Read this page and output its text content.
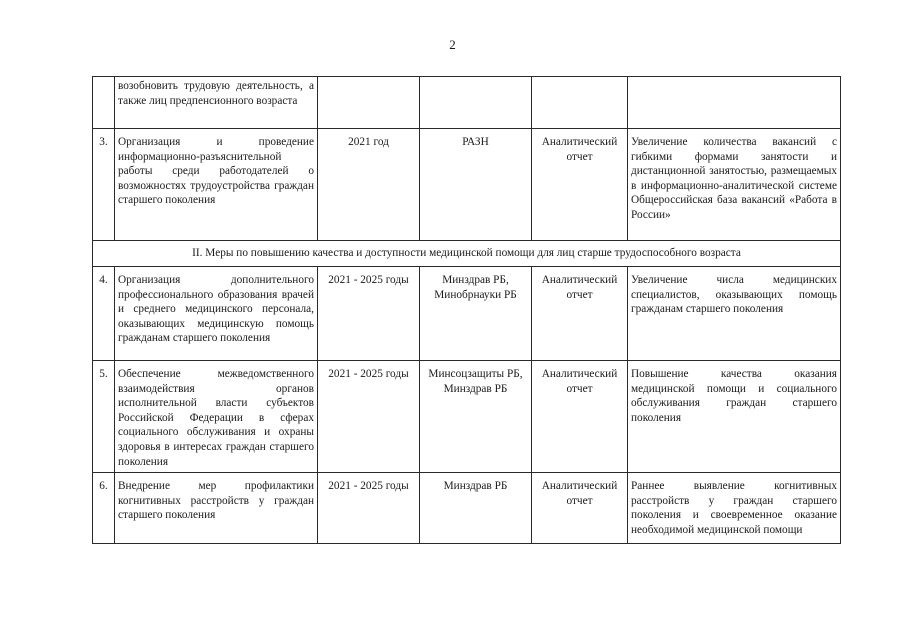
2
	возобновить трудовую деятельность, а также лиц предпенсионного возраста				
3.	Организация и проведение информационно-разъяснительной работы среди работодателей о возможностях трудоустройства граждан старшего поколения	2021 год	РАЗН	Аналитический отчет	Увеличение количества вакансий с гибкими формами занятости и дистанционной занятостью, размещаемых в информационно-аналитической системе Общероссийская база вакансий «Работа в России»
II. Меры по повышению качества и доступности медицинской помощи для лиц старше трудоспособного возраста					
4.	Организация дополнительного профессионального образования врачей и среднего медицинского персонала, оказывающих медицинскую помощь гражданам старшего поколения	2021 - 2025 годы	Минздрав РБ, Минобрнауки РБ	Аналитический отчет	Увеличение числа медицинских специалистов, оказывающих помощь гражданам старшего поколения
5.	Обеспечение межведомственного взаимодействия органов исполнительной власти субъектов Российской Федерации в сферах социального обслуживания и охраны здоровья в интересах граждан старшего поколения	2021 - 2025 годы	Минсоцзащиты РБ, Минздрав РБ	Аналитический отчет	Повышение качества оказания медицинской помощи и социального обслуживания граждан старшего поколения
6.	Внедрение мер профилактики когнитивных расстройств у граждан старшего поколения	2021 - 2025 годы	Минздрав РБ	Аналитический отчет	Раннее выявление когнитивных расстройств у граждан старшего поколения и своевременное оказание необходимой медицинской помощи
